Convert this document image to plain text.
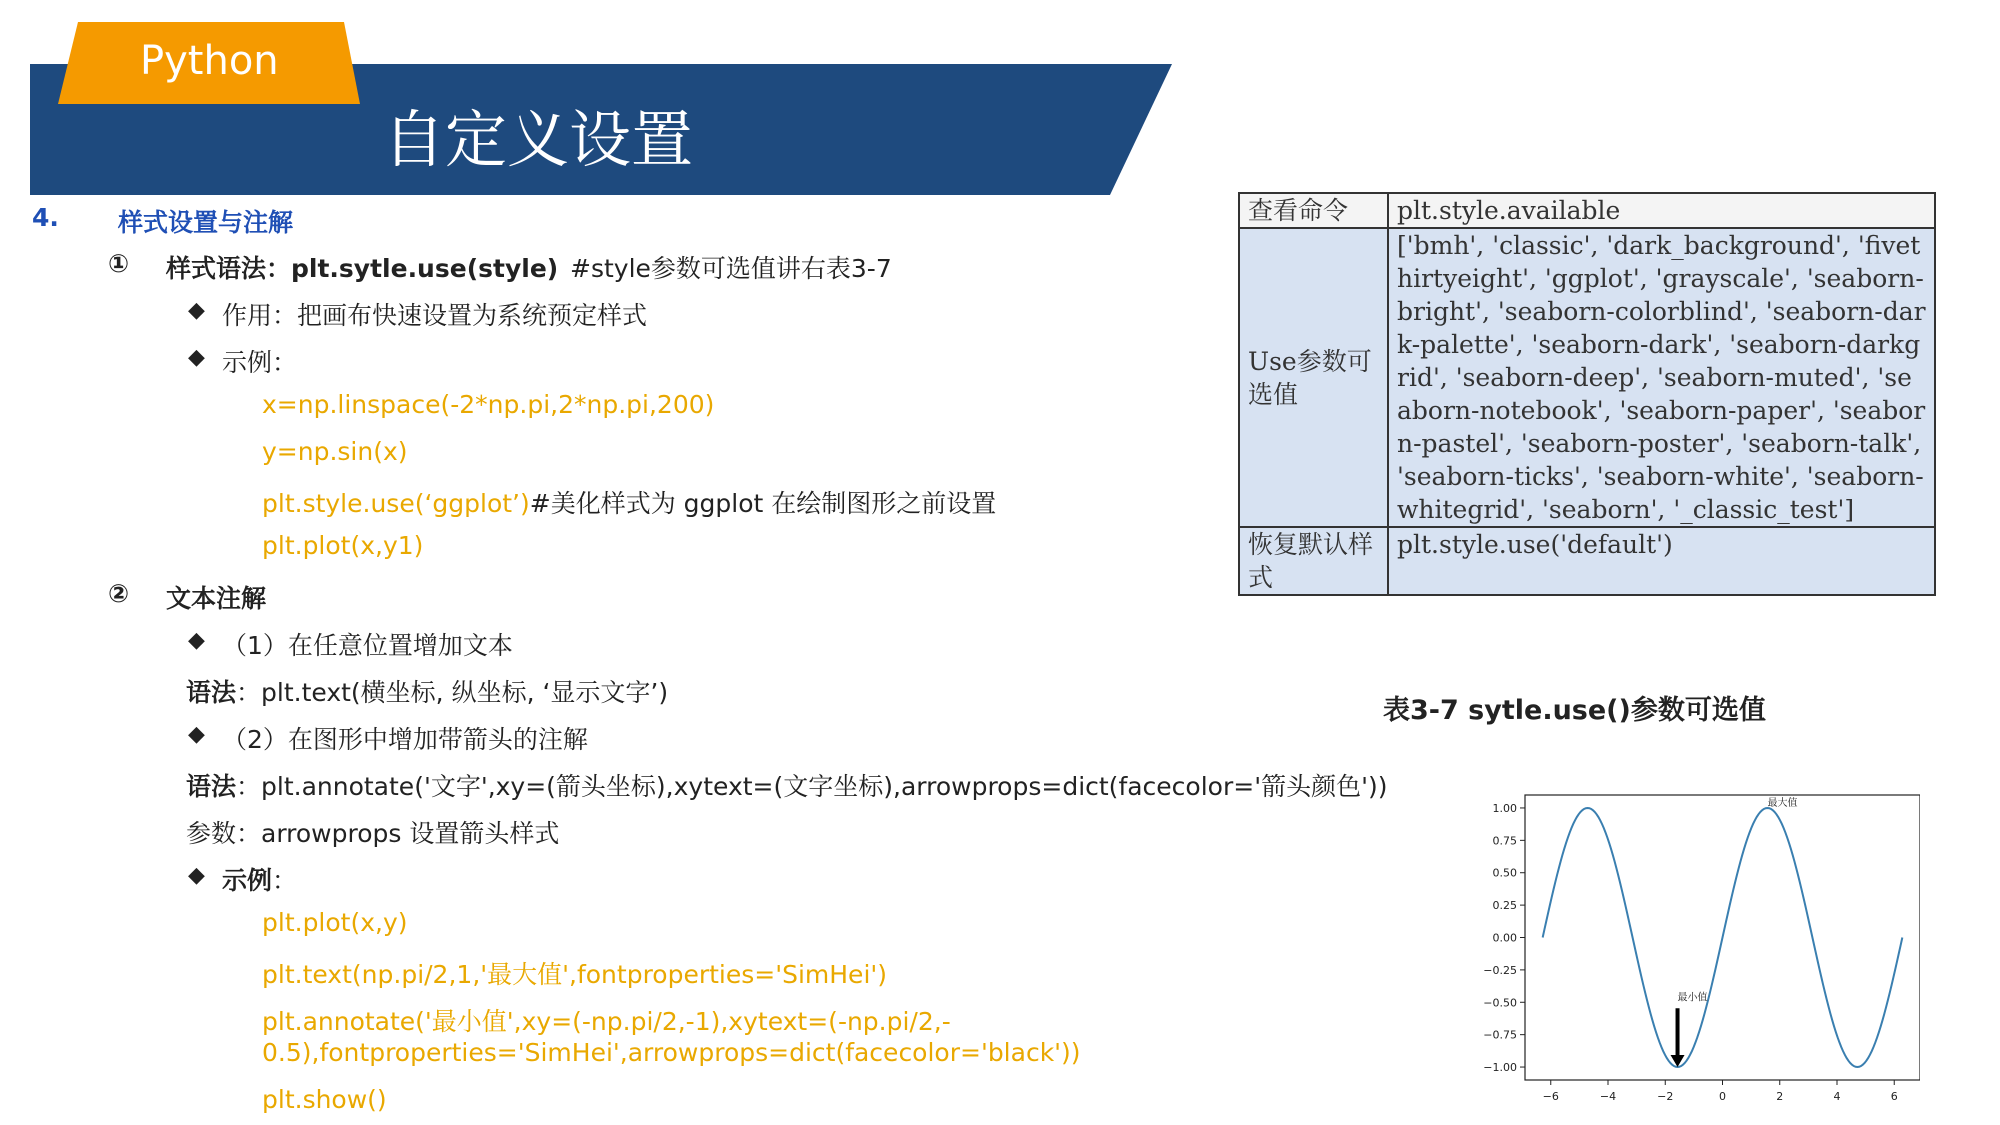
Python
自定义设置
4. 样式设置与注解
① 样式语法：plt.sytle.use(style) #style参数可选值讲右表3-7
◆ 作用：把画布快速设置为系统预定样式
◆ 示例：
x=np.linspace(-2*np.pi,2*np.pi,200)
y=np.sin(x)
plt.style.use(‘ggplot’)#美化样式为 ggplot 在绘制图形之前设置
plt.plot(x,y1)
② 文本注解
◆ （1）在任意位置增加文本
语法：plt.text(横坐标, 纵坐标, ‘显示文字’)
◆ （2）在图形中增加带箭头的注解
语法：plt.annotate('文字',xy=(箭头坐标),xytext=(文字坐标),arrowprops=dict(facecolor='箭头颜色'))
参数：arrowprops 设置箭头样式
◆ 示例：
plt.plot(x,y)
plt.text(np.pi/2,1,'最大值',fontproperties='SimHei')
plt.annotate('最小值',xy=(-np.pi/2,-1),xytext=(-np.pi/2,-
0.5),fontproperties='SimHei',arrowprops=dict(facecolor='black'))
plt.show()
查看命令	plt.style.available
Use参数可选值	['bmh', 'classic', 'dark_background', 'fivethirtyeight', 'ggplot', 'grayscale', 'seaborn-bright', 'seaborn-colorblind', 'seaborn-dark-palette', 'seaborn-dark', 'seaborn-darkgrid', 'seaborn-deep', 'seaborn-muted', 'seaborn-notebook', 'seaborn-paper', 'seaborn-pastel', 'seaborn-poster', 'seaborn-talk', 'seaborn-ticks', 'seaborn-white', 'seaborn-whitegrid', 'seaborn', '_classic_test']
恢复默认样式	plt.style.use('default')
表3-7 sytle.use()参数可选值
−6	−4	−2	0	2	4	6
1.00
0.75
0.50
0.25
0.00
−0.25
−0.50
−0.75
−1.00
最大值
最小值
